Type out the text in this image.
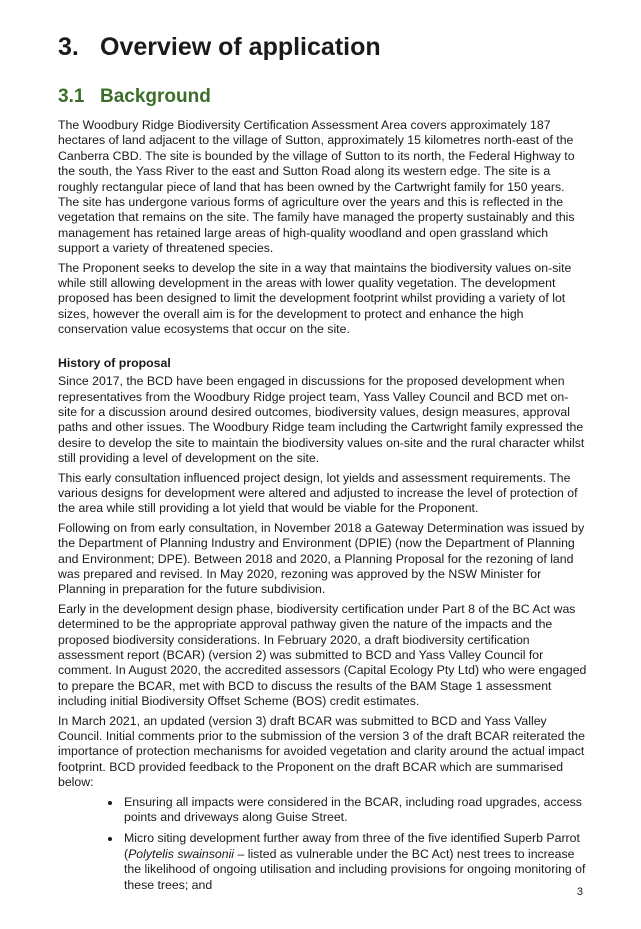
3. Overview of application
3.1 Background

The Woodbury Ridge Biodiversity Certification Assessment Area covers approximately 187 hectares of land adjacent to the village of Sutton, approximately 15 kilometres north-east of the Canberra CBD. The site is bounded by the village of Sutton to its north, the Federal Highway to the south, the Yass River to the east and Sutton Road along its western edge. The site is a roughly rectangular piece of land that has been owned by the Cartwright family for 150 years. The site has undergone various forms of agriculture over the years and this is reflected in the vegetation that remains on the site. The family have managed the property sustainably and this management has retained large areas of high-quality woodland and open grassland which support a variety of threatened species.

The Proponent seeks to develop the site in a way that maintains the biodiversity values on-site while still allowing development in the areas with lower quality vegetation. The development proposed has been designed to limit the development footprint whilst providing a variety of lot sizes, however the overall aim is for the development to protect and enhance the high conservation value ecosystems that occur on the site.

History of proposal

Since 2017, the BCD have been engaged in discussions for the proposed development when representatives from the Woodbury Ridge project team, Yass Valley Council and BCD met on-site for a discussion around desired outcomes, biodiversity values, design measures, approval paths and other issues. The Woodbury Ridge team including the Cartwright family expressed the desire to develop the site to maintain the biodiversity values on-site and the rural character whilst still providing a level of development on the site.

This early consultation influenced project design, lot yields and assessment requirements. The various designs for development were altered and adjusted to increase the level of protection of the area while still providing a lot yield that would be viable for the Proponent.

Following on from early consultation, in November 2018 a Gateway Determination was issued by the Department of Planning Industry and Environment (DPIE) (now the Department of Planning and Environment; DPE). Between 2018 and 2020, a Planning Proposal for the rezoning of land was prepared and revised. In May 2020, rezoning was approved by the NSW Minister for Planning in preparation for the future subdivision.

Early in the development design phase, biodiversity certification under Part 8 of the BC Act was determined to be the appropriate approval pathway given the nature of the impacts and the proposed biodiversity considerations. In February 2020, a draft biodiversity certification assessment report (BCAR) (version 2) was submitted to BCD and Yass Valley Council for comment. In August 2020, the accredited assessors (Capital Ecology Pty Ltd) who were engaged to prepare the BCAR, met with BCD to discuss the results of the BAM Stage 1 assessment including initial Biodiversity Offset Scheme (BOS) credit estimates.

In March 2021, an updated (version 3) draft BCAR was submitted to BCD and Yass Valley Council. Initial comments prior to the submission of the version 3 of the draft BCAR reiterated the importance of protection mechanisms for avoided vegetation and clarity around the actual impact footprint. BCD provided feedback to the Proponent on the draft BCAR which are summarised below:

• Ensuring all impacts were considered in the BCAR, including road upgrades, access points and driveways along Guise Street.
• Micro siting development further away from three of the five identified Superb Parrot (Polytelis swainsonii – listed as vulnerable under the BC Act) nest trees to increase the likelihood of ongoing utilisation and including provisions for ongoing monitoring of these trees; and
3
